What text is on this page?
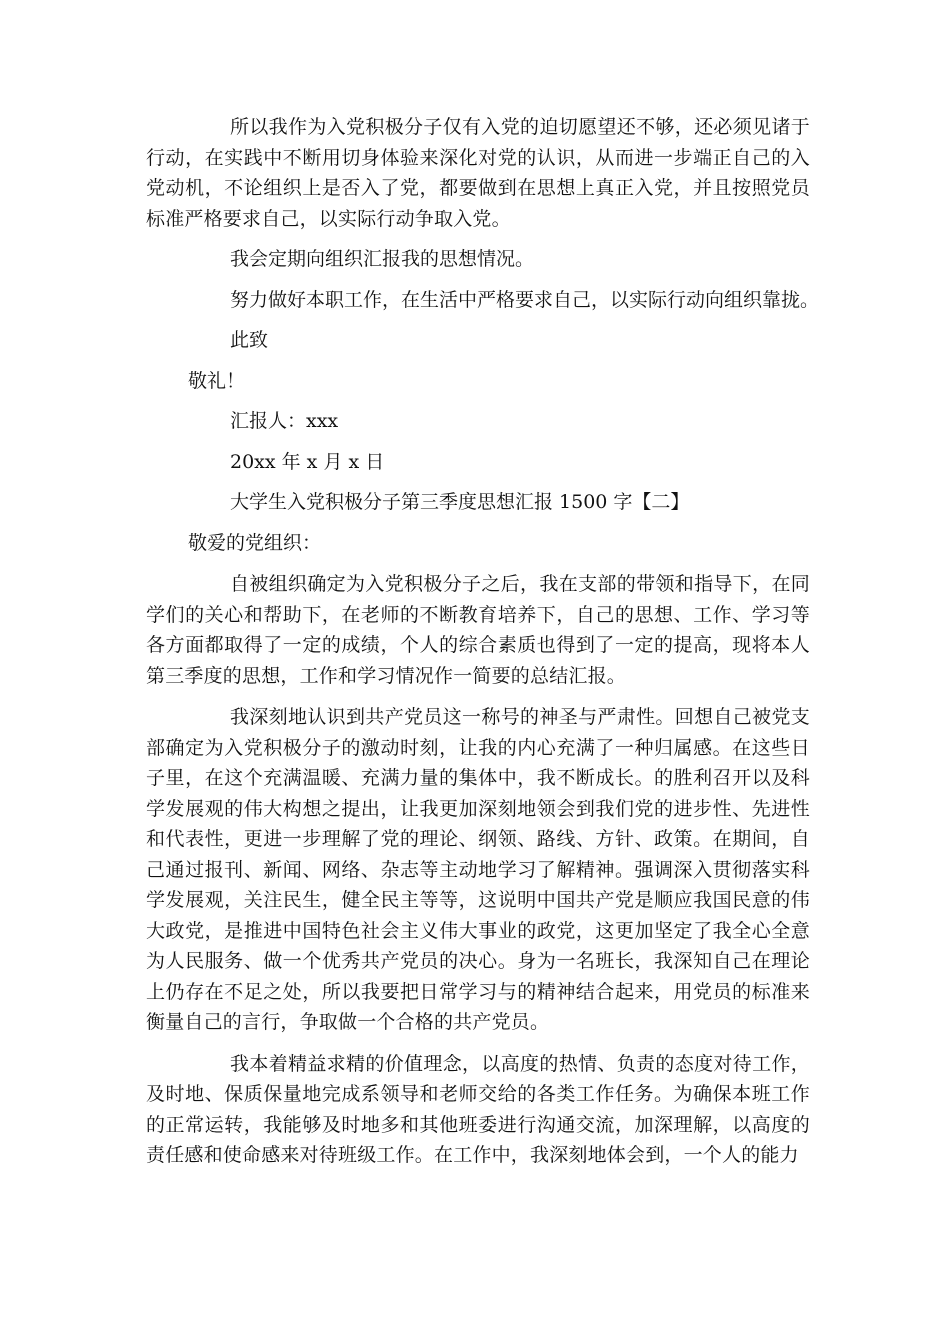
所以我作为入党积极分子仅有入党的迫切愿望还不够，还必须见诸于行动，在实践中不断用切身体验来深化对党的认识，从而进一步端正自己的入党动机，不论组织上是否入了党，都要做到在思想上真正入党，并且按照党员标准严格要求自己，以实际行动争取入党。

我会定期向组织汇报我的思想情况。

努力做好本职工作，在生活中严格要求自己，以实际行动向组织靠拢。

此致

敬礼！

汇报人：xxx

20xx 年 x 月 x 日

大学生入党积极分子第三季度思想汇报 1500 字【二】

敬爱的党组织：

自被组织确定为入党积极分子之后，我在支部的带领和指导下，在同学们的关心和帮助下，在老师的不断教育培养下，自己的思想、工作、学习等各方面都取得了一定的成绩，个人的综合素质也得到了一定的提高，现将本人第三季度的思想，工作和学习情况作一简要的总结汇报。

我深刻地认识到共产党员这一称号的神圣与严肃性。回想自己被党支部确定为入党积极分子的激动时刻，让我的内心充满了一种归属感。在这些日子里，在这个充满温暖、充满力量的集体中，我不断成长。的胜利召开以及科学发展观的伟大构想之提出，让我更加深刻地领会到我们党的进步性、先进性和代表性，更进一步理解了党的理论、纲领、路线、方针、政策。在期间，自己通过报刊、新闻、网络、杂志等主动地学习了解精神。强调深入贯彻落实科学发展观，关注民生，健全民主等等，这说明中国共产党是顺应我国民意的伟大政党，是推进中国特色社会主义伟大事业的政党，这更加坚定了我全心全意为人民服务、做一个优秀共产党员的决心。身为一名班长，我深知自己在理论上仍存在不足之处，所以我要把日常学习与的精神结合起来，用党员的标准来衡量自己的言行，争取做一个合格的共产党员。

我本着精益求精的价值理念，以高度的热情、负责的态度对待工作，及时地、保质保量地完成系领导和老师交给的各类工作任务。为确保本班工作的正常运转，我能够及时地多和其他班委进行沟通交流，加深理解，以高度的责任感和使命感来对待班级工作。在工作中，我深刻地体会到，一个人的能力
